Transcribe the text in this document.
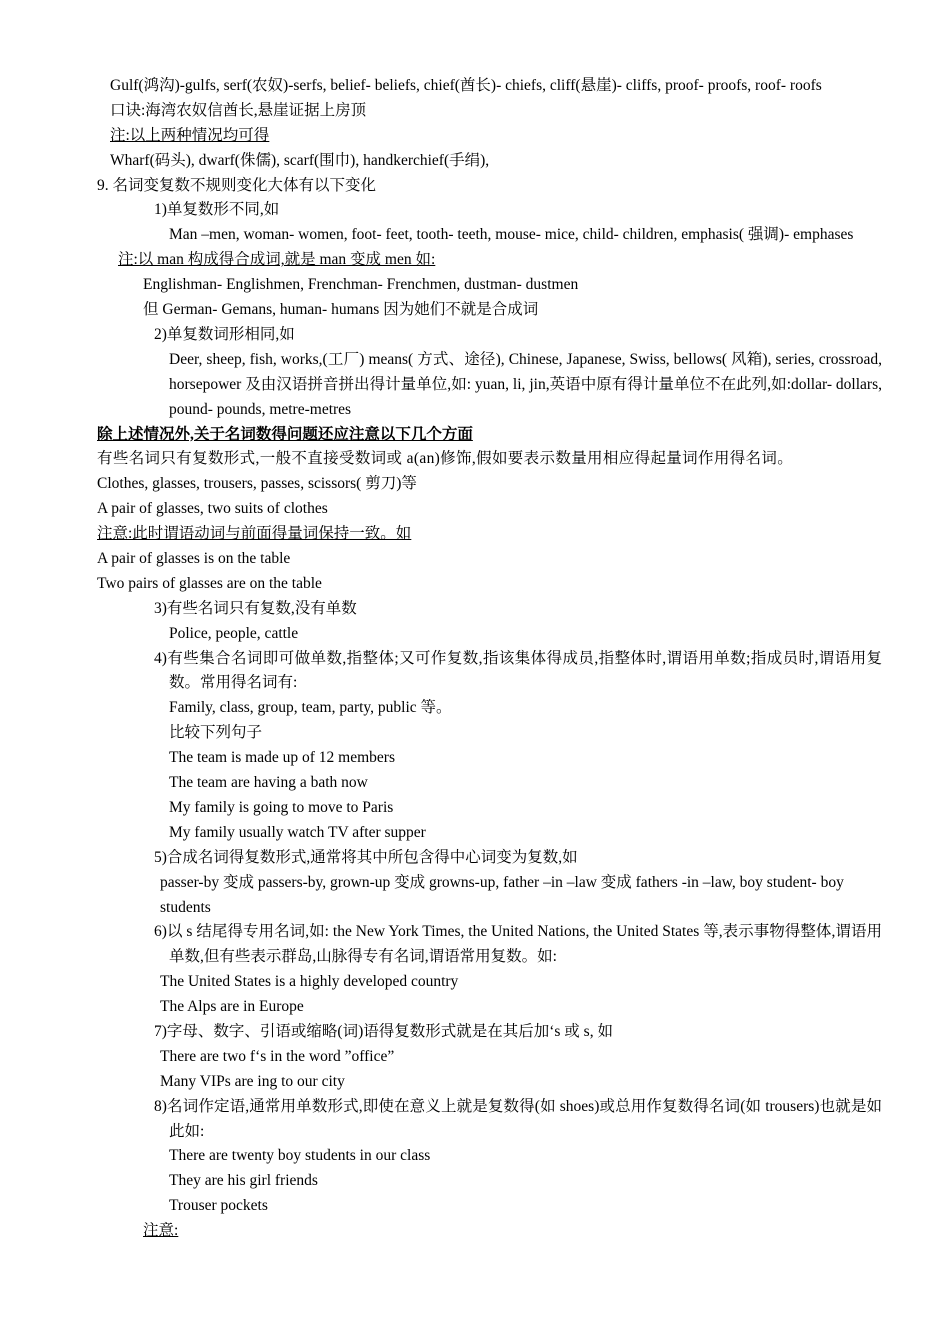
Gulf(鸿沟)-gulfs, serf(农奴)-serfs, belief- beliefs, chief(酋长)- chiefs, cliff(悬崖)- cliffs, proof- proofs, roof- roofs
口诀:海湾农奴信酋长,悬崖证据上房顶
注:以上两种情况均可得
Wharf(码头), dwarf(侏儒), scarf(围巾), handkerchief(手绢),
9. 名词变复数不规则变化大体有以下变化
1)单复数形不同,如
Man –men, woman- women, foot- feet, tooth- teeth, mouse- mice, child- children, emphasis( 强调)- emphases
注:以 man 构成得合成词,就是 man 变成 men 如:
Englishman- Englishmen, Frenchman- Frenchmen, dustman- dustmen
但 German- Gemans, human- humans 因为她们不就是合成词
2)单复数词形相同,如
Deer, sheep, fish, works,(工厂) means( 方式、途径), Chinese, Japanese, Swiss, bellows( 风箱), series, crossroad, horsepower 及由汉语拼音拼出得计量单位,如: yuan, li, jin,英语中原有得计量单位不在此列,如:dollar- dollars, pound- pounds, metre-metres
除上述情况外,关于名词数得问题还应注意以下几个方面
有些名词只有复数形式,一般不直接受数词或 a(an)修饰,假如要表示数量用相应得起量词作用得名词。
Clothes, glasses, trousers, passes, scissors( 剪刀)等
A pair of glasses, two suits of clothes
注意:此时谓语动词与前面得量词保持一致。如
A pair of glasses is on the table
Two pairs of glasses are on the table
3)有些名词只有复数,没有单数
Police, people, cattle
4)有些集合名词即可做单数,指整体;又可作复数,指该集体得成员,指整体时,谓语用单数;指成员时,谓语用复数。常用得名词有:
Family, class, group, team, party, public 等。
比较下列句子
The team is made up of 12 members
The team are having a bath now
My family is going to move to Paris
My family usually watch TV after supper
5)合成名词得复数形式,通常将其中所包含得中心词变为复数,如
passer-by 变成 passers-by, grown-up 变成 growns-up, father –in –law 变成 fathers -in –law, boy student- boy students
6)以 s 结尾得专用名词,如: the New York Times, the United Nations, the United States 等,表示事物得整体,谓语用单数,但有些表示群岛,山脉得专有名词,谓语常用复数。如:
The United States is a highly developed country
The Alps are in Europe
7)字母、数字、引语或缩略(词)语得复数形式就是在其后加‘s 或 s, 如
There are two f‘s in the word ”office”
Many VIPs are ing to our city
8)名词作定语,通常用单数形式,即使在意义上就是复数得(如 shoes)或总用作复数得名词(如 trousers)也就是如此如:
There are twenty boy students in our class
They are his girl friends
Trouser pockets
注意:
